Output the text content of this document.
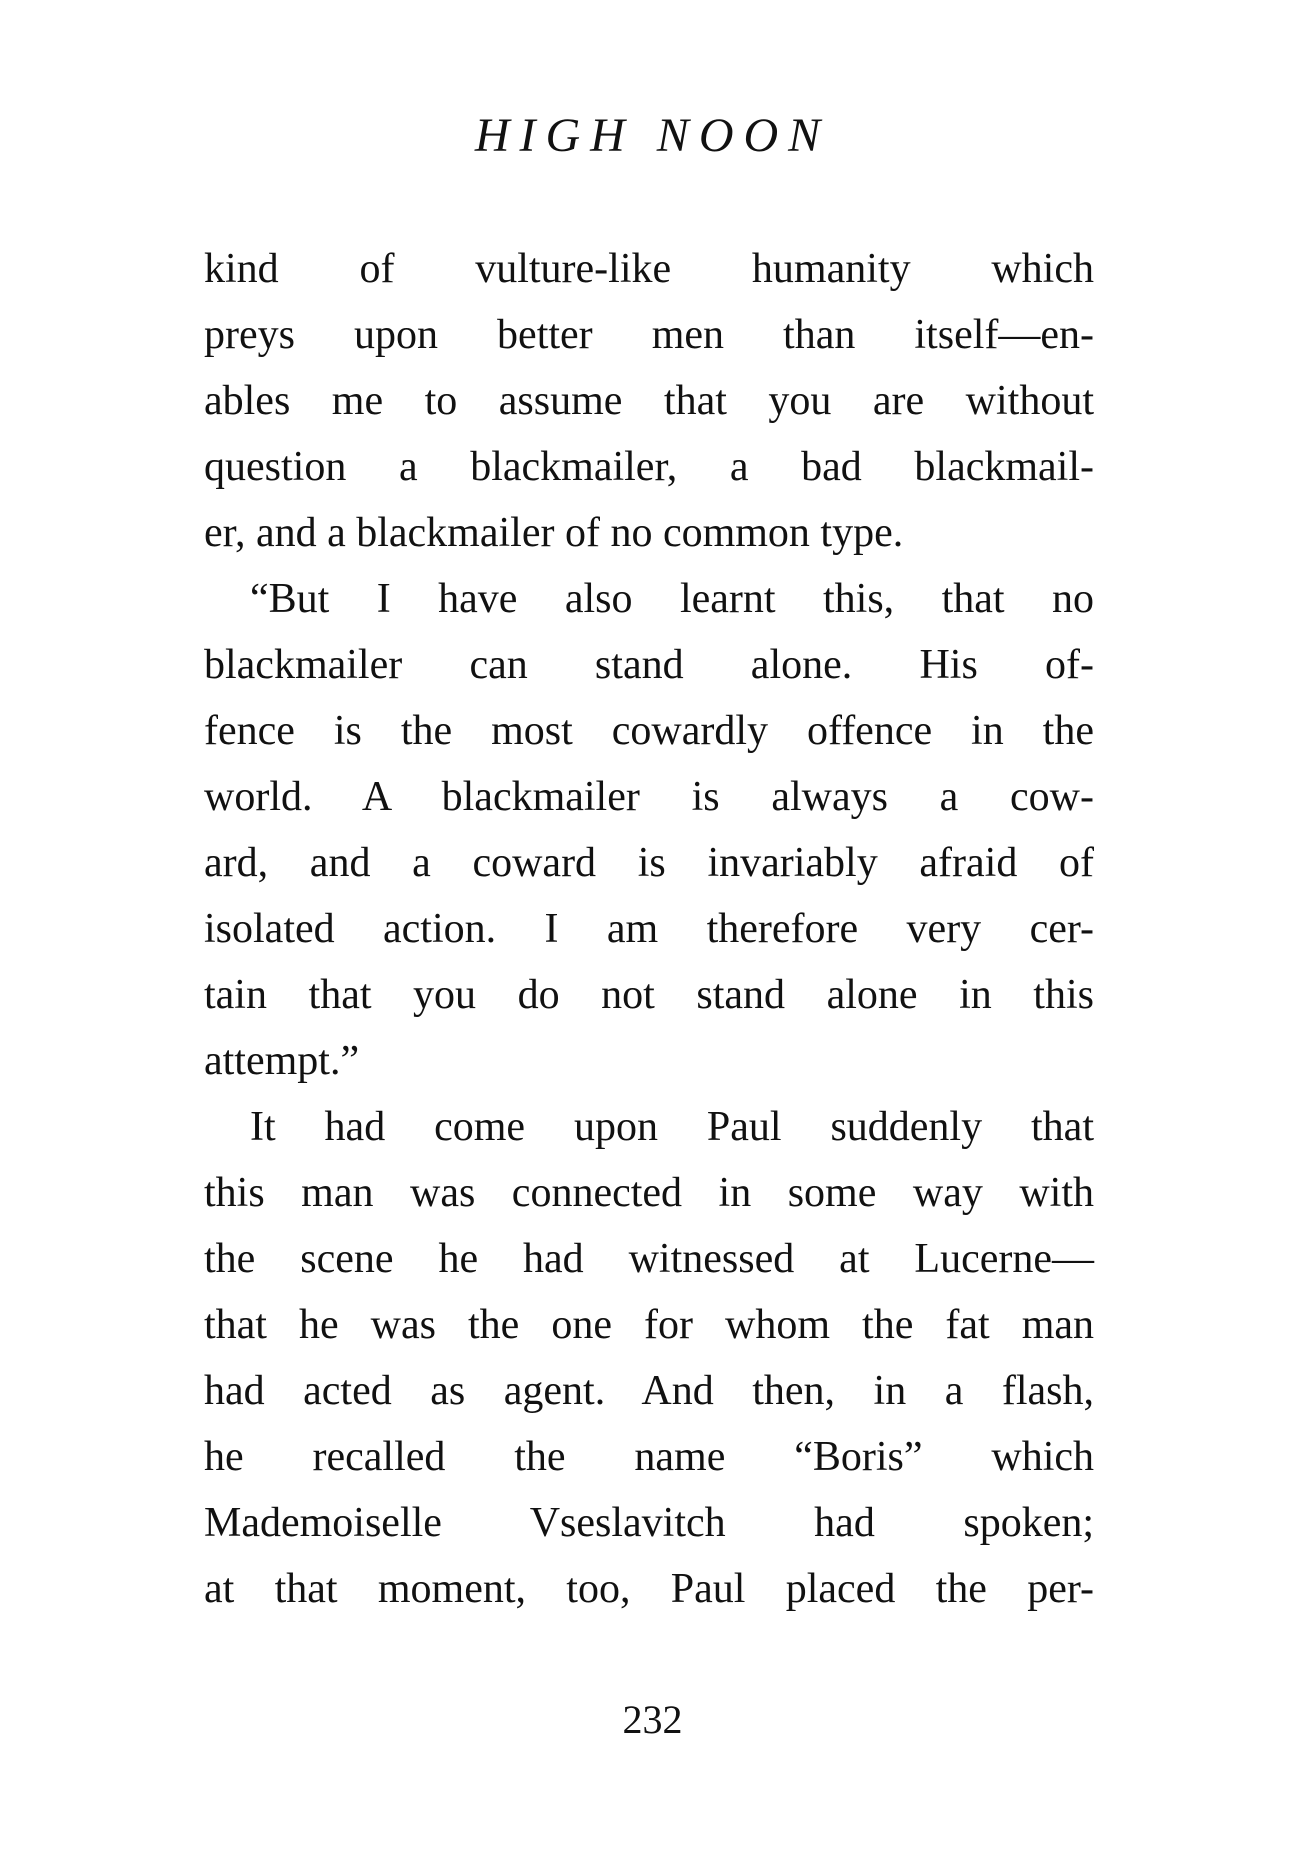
HIGH NOON
kind of vulture-like humanity which
preys upon better men than itself—en-
ables me to assume that you are without
question a blackmailer, a bad blackmail-
er, and a blackmailer of no common type.
“But I have also learnt this, that no
blackmailer can stand alone. His of-
fence is the most cowardly offence in the
world. A blackmailer is always a cow-
ard, and a coward is invariably afraid of
isolated action. I am therefore very cer-
tain that you do not stand alone in this
attempt.”
It had come upon Paul suddenly that
this man was connected in some way with
the scene he had witnessed at Lucerne—
that he was the one for whom the fat man
had acted as agent. And then, in a flash,
he recalled the name “Boris” which
Mademoiselle Vseslavitch had spoken;
at that moment, too, Paul placed the per-
232
